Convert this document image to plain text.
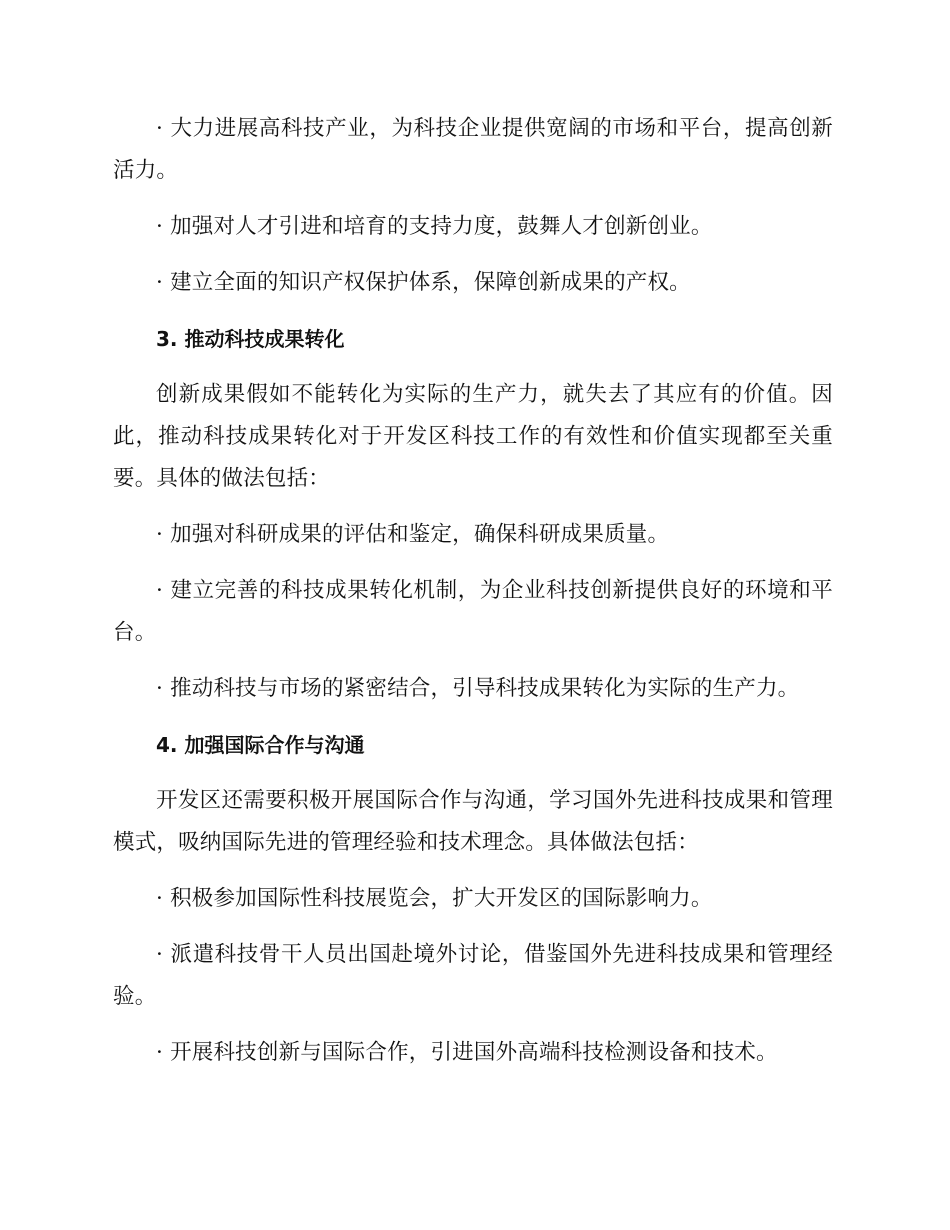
· 大力进展高科技产业，为科技企业提供宽阔的市场和平台，提高创新活力。

· 加强对人才引进和培育的支持力度，鼓舞人才创新创业。

· 建立全面的知识产权保护体系，保障创新成果的产权。

3. 推动科技成果转化

创新成果假如不能转化为实际的生产力，就失去了其应有的价值。因此，推动科技成果转化对于开发区科技工作的有效性和价值实现都至关重要。具体的做法包括：

· 加强对科研成果的评估和鉴定，确保科研成果质量。

· 建立完善的科技成果转化机制，为企业科技创新提供良好的环境和平台。

· 推动科技与市场的紧密结合，引导科技成果转化为实际的生产力。

4. 加强国际合作与沟通

开发区还需要积极开展国际合作与沟通，学习国外先进科技成果和管理模式，吸纳国际先进的管理经验和技术理念。具体做法包括：

· 积极参加国际性科技展览会，扩大开发区的国际影响力。

· 派遣科技骨干人员出国赴境外讨论，借鉴国外先进科技成果和管理经验。

· 开展科技创新与国际合作，引进国外高端科技检测设备和技术。
